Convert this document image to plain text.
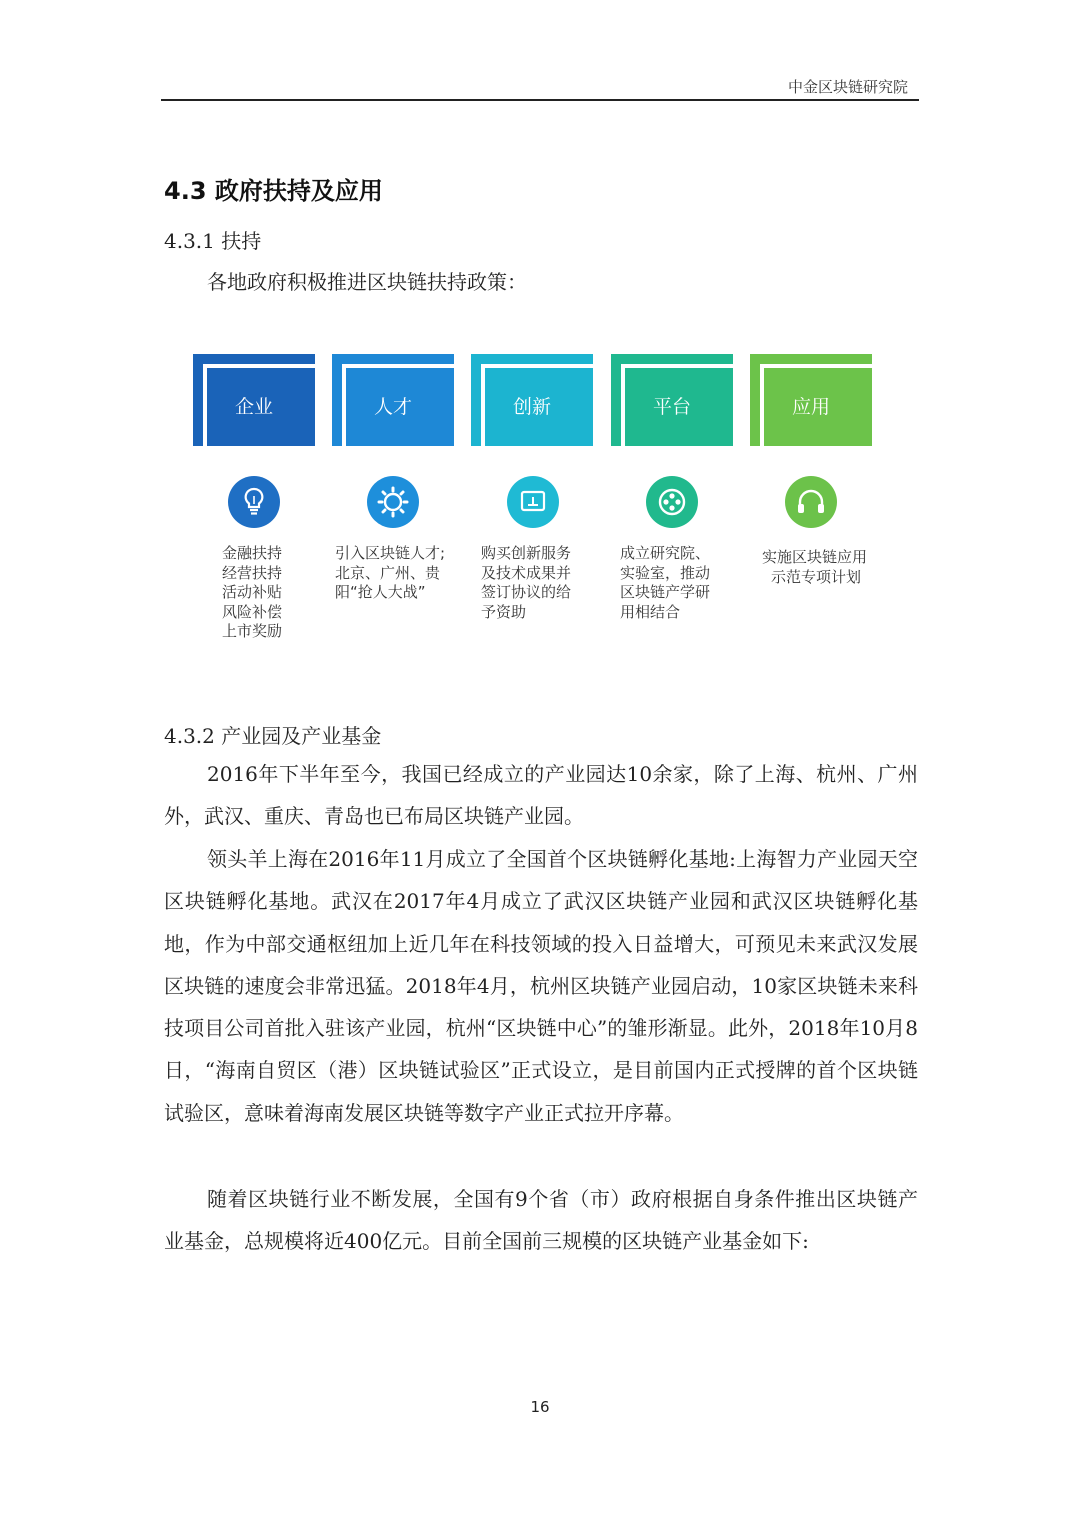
中金区块链研究院
4.3 政府扶持及应用
4.3.1 扶持
各地政府积极推进区块链扶持政策：
企业	人才	创新	平台	应用
金融扶持
经营扶持
活动补贴
风险补偿
上市奖励
引入区块链人才;
北京、广州、贵
阳“抢人大战”
购买创新服务
及技术成果并
签订协议的给
予资助
成立研究院、
实验室，推动
区块链产学研
用相结合
实施区块链应用
示范专项计划
4.3.2 产业园及产业基金

2016年下半年至今，我国已经成立的产业园达10余家，除了上海、杭州、广州外，武汉、重庆、青岛也已布局区块链产业园。

领头羊上海在2016年11月成立了全国首个区块链孵化基地:上海智力产业园天空区块链孵化基地。武汉在2017年4月成立了武汉区块链产业园和武汉区块链孵化基地，作为中部交通枢纽加上近几年在科技领域的投入日益增大，可预见未来武汉发展区块链的速度会非常迅猛。2018年4月，杭州区块链产业园启动，10家区块链未来科技项目公司首批入驻该产业园，杭州“区块链中心”的雏形渐显。此外，2018年10月8日，“海南自贸区（港）区块链试验区”正式设立，是目前国内正式授牌的首个区块链试验区，意味着海南发展区块链等数字产业正式拉开序幕。

随着区块链行业不断发展，全国有9个省（市）政府根据自身条件推出区块链产业基金，总规模将近400亿元。目前全国前三规模的区块链产业基金如下:

16
